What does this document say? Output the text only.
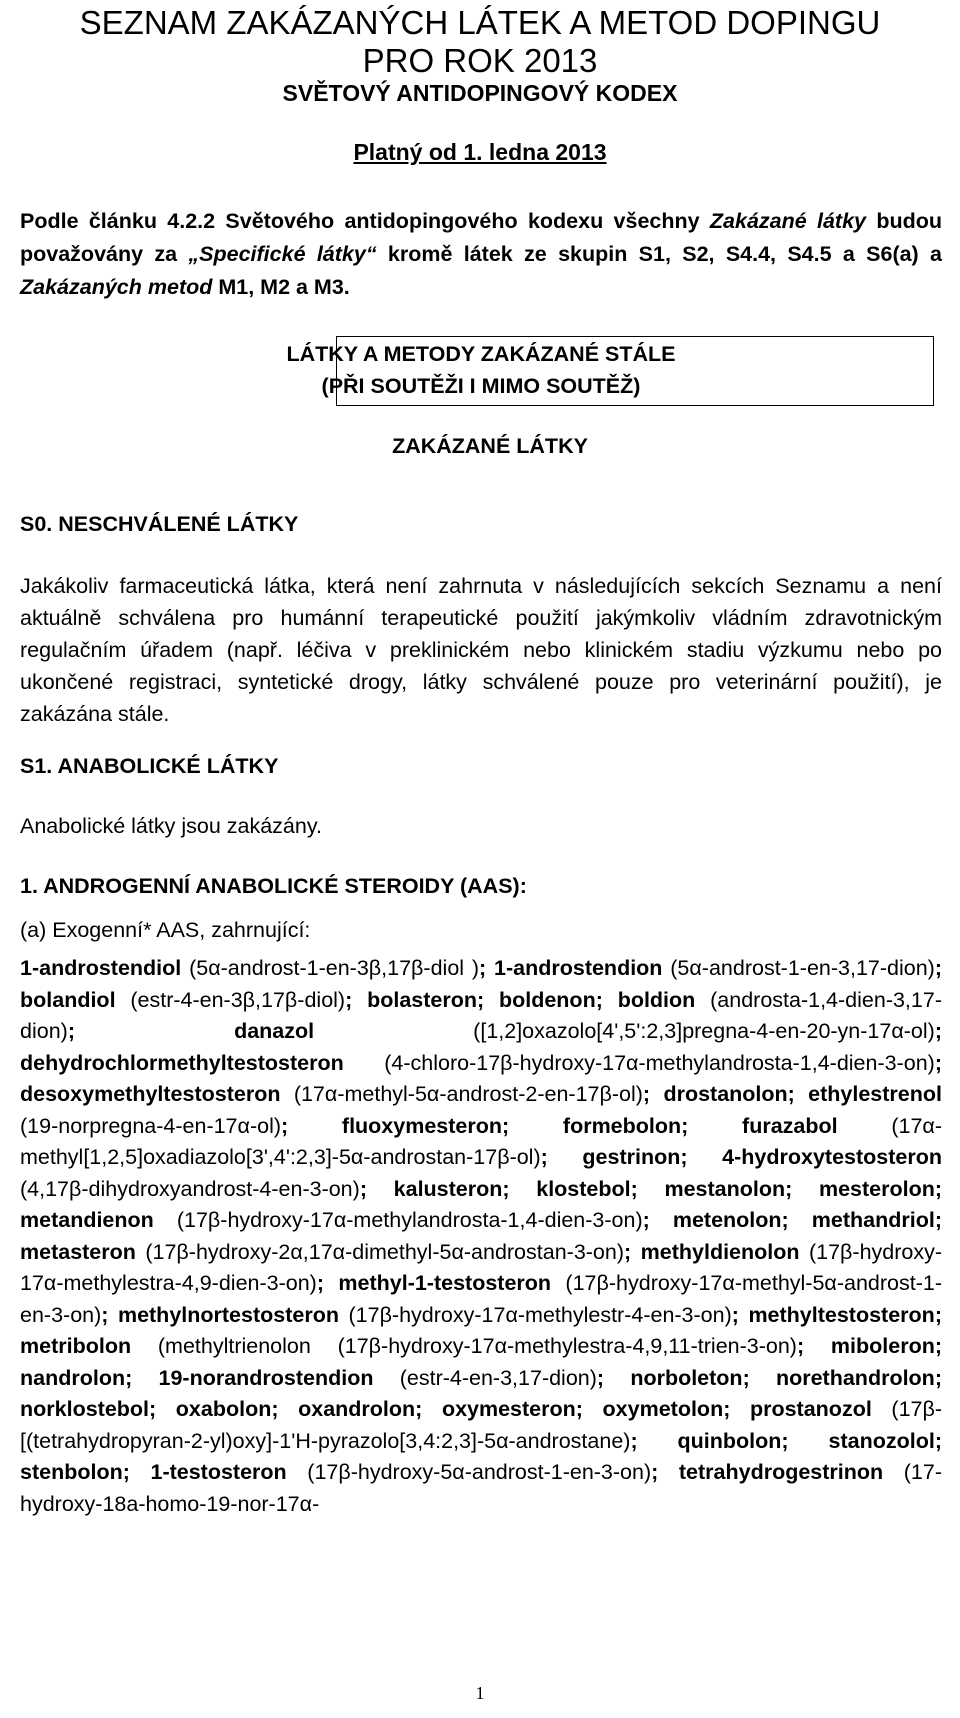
SEZNAM ZAKÁZANÝCH LÁTEK A METOD DOPINGU
PRO ROK 2013
SVĚTOVÝ ANTIDOPINGOVÝ KODEX
Platný od 1. ledna 2013
Podle článku 4.2.2 Světového antidopingového kodexu všechny Zakázané látky budou považovány za „Specifické látky“ kromě látek ze skupin S1, S2, S4.4, S4.5 a S6(a) a Zakázaných metod M1, M2 a M3.
LÁTKY A METODY ZAKÁZANÉ STÁLE
(PŘI SOUTĚŽI I MIMO SOUTĚŽ)
ZAKÁZANÉ LÁTKY
S0. NESCHVÁLENÉ LÁTKY
Jakákoliv farmaceutická látka, která není zahrnuta v následujících sekcích Seznamu a není aktuálně schválena pro humánní terapeutické použití jakýmkoliv vládním zdravotnickým regulačním úřadem (např. léčiva v preklinickém nebo klinickém stadiu výzkumu nebo po ukončené registraci, syntetické drogy, látky schválené pouze pro veterinární použití), je zakázána stále.
S1. ANABOLICKÉ LÁTKY
Anabolické látky jsou zakázány.
1. ANDROGENNÍ ANABOLICKÉ STEROIDY (AAS):
(a) Exogenní* AAS, zahrnující:
1-androstendiol (5α-androst-1-en-3β,17β-diol ); 1-androstendion (5α-androst-1-en-3,17-dion); bolandiol (estr-4-en-3β,17β-diol); bolasteron; boldenon; boldion (androsta-1,4-dien-3,17-dion); danazol ([1,2]oxazolo[4',5':2,3]pregna-4-en-20-yn-17α-ol); dehydrochlormethyltestosteron (4-chloro-17β-hydroxy-17α-methylandrosta-1,4-dien-3-on); desoxymethyltestosteron (17α-methyl-5α-androst-2-en-17β-ol); drostanolon; ethylestrenol (19-norpregna-4-en-17α-ol); fluoxymesteron; formebolon; furazabol (17α-methyl[1,2,5]oxadiazolo[3',4':2,3]-5α-androstan-17β-ol); gestrinon; 4-hydroxytestosteron (4,17β-dihydroxyandrost-4-en-3-on); kalusteron; klostebol; mestanolon; mesterolon; metandienon (17β-hydroxy-17α-methylandrosta-1,4-dien-3-on); metenolon; methandriol; metasteron (17β-hydroxy-2α,17α-dimethyl-5α-androstan-3-on); methyldienolon (17β-hydroxy-17α-methylestra-4,9-dien-3-on); methyl-1-testosteron (17β-hydroxy-17α-methyl-5α-androst-1-en-3-on); methylnortestosteron (17β-hydroxy-17α-methylestr-4-en-3-on); methyltestosteron; metribolon (methyltrienolon (17β-hydroxy-17α-methylestra-4,9,11-trien-3-on); miboleron; nandrolon; 19-norandrostendion (estr-4-en-3,17-dion); norboleton; norethandrolon; norklostebol; oxabolon; oxandrolon; oxymesteron; oxymetolon; prostanozol (17β-[(tetrahydropyran-2-yl)oxy]-1'H-pyrazolo[3,4:2,3]-5α-androstane); quinbolon; stanozolol; stenbolon; 1-testosteron (17β-hydroxy-5α-androst-1-en-3-on); tetrahydrogestrinon (17-hydroxy-18a-homo-19-nor-17α-
1
